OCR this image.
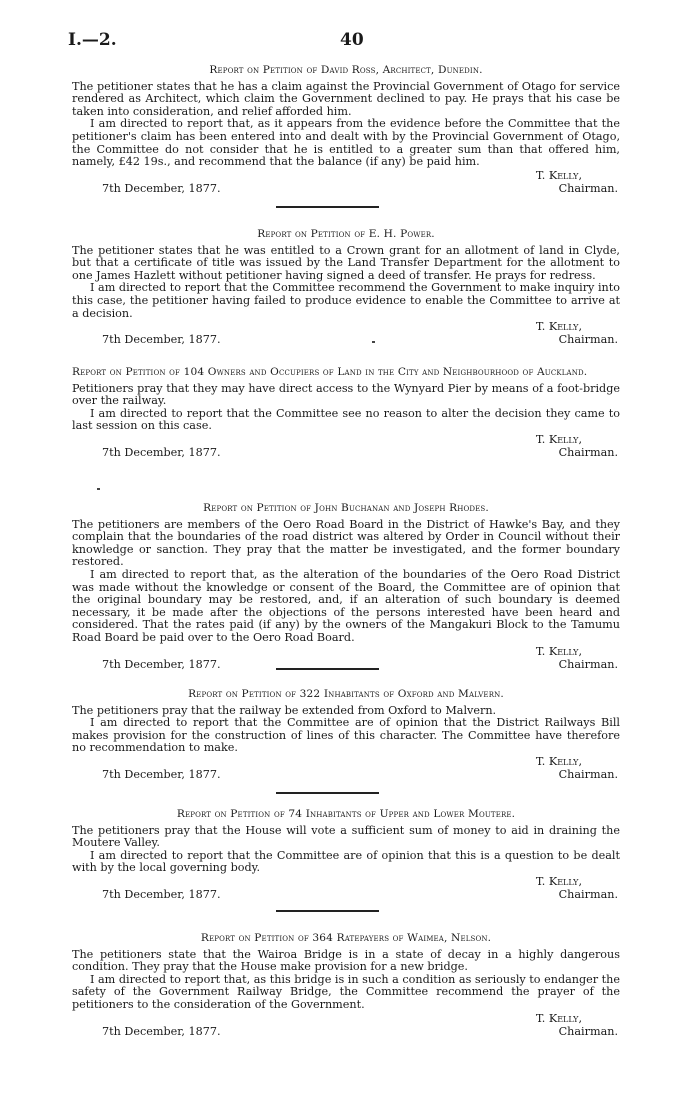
I.—2.	40
Report on Petition of David Ross, Architect, Dunedin.

The petitioner states that he has a claim against the Provincial Government of Otago for service rendered as Architect, which claim the Government declined to pay. He prays that his case be taken into consideration, and relief afforded him.

I am directed to report that, as it appears from the evidence before the Committee that the petitioner's claim has been entered into and dealt with by the Provincial Government of Otago, the Committee do not consider that he is entitled to a greater sum than that offered him, namely, £42 19s., and recommend that the balance (if any) be paid him.

T. Kelly,
Chairman.
7th December, 1877.
Report on Petition of E. H. Power.

The petitioner states that he was entitled to a Crown grant for an allotment of land in Clyde, but that a certificate of title was issued by the Land Transfer Department for the allotment to one James Hazlett without petitioner having signed a deed of transfer. He prays for redress.

I am directed to report that the Committee recommend the Government to make inquiry into this case, the petitioner having failed to produce evidence to enable the Committee to arrive at a decision.

T. Kelly,
Chairman.
7th December, 1877.
Report on Petition of 104 Owners and Occupiers of Land in the City and Neighbourhood of Auckland.

Petitioners pray that they may have direct access to the Wynyard Pier by means of a foot-bridge over the railway.

I am directed to report that the Committee see no reason to alter the decision they came to last session on this case.

T. Kelly,
Chairman.
7th December, 1877.
Report on Petition of John Buchanan and Joseph Rhodes.

The petitioners are members of the Oero Road Board in the District of Hawke's Bay, and they complain that the boundaries of the road district was altered by Order in Council without their knowledge or sanction. They pray that the matter be investigated, and the former boundary restored.

I am directed to report that, as the alteration of the boundaries of the Oero Road District was made without the knowledge or consent of the Board, the Committee are of opinion that the original boundary may be restored, and, if an alteration of such boundary is deemed necessary, it be made after the objections of the persons interested have been heard and considered. That the rates paid (if any) by the owners of the Mangakuri Block to the Tamumu Road Board be paid over to the Oero Road Board.

T. Kelly,
Chairman.
7th December, 1877.
Report on Petition of 322 Inhabitants of Oxford and Malvern.

The petitioners pray that the railway be extended from Oxford to Malvern.

I am directed to report that the Committee are of opinion that the District Railways Bill makes provision for the construction of lines of this character. The Committee have therefore no recommendation to make.

T. Kelly,
Chairman.
7th December, 1877.
Report on Petition of 74 Inhabitants of Upper and Lower Moutere.

The petitioners pray that the House will vote a sufficient sum of money to aid in draining the Moutere Valley.

I am directed to report that the Committee are of opinion that this is a question to be dealt with by the local governing body.

T. Kelly,
Chairman.
7th December, 1877.
Report on Petition of 364 Ratepayers of Waimea, Nelson.

The petitioners state that the Wairoa Bridge is in a state of decay in a highly dangerous condition. They pray that the House make provision for a new bridge.

I am directed to report that, as this bridge is in such a condition as seriously to endanger the safety of the Government Railway Bridge, the Committee recommend the prayer of the petitioners to the consideration of the Government.

T. Kelly,
Chairman.
7th December, 1877.
